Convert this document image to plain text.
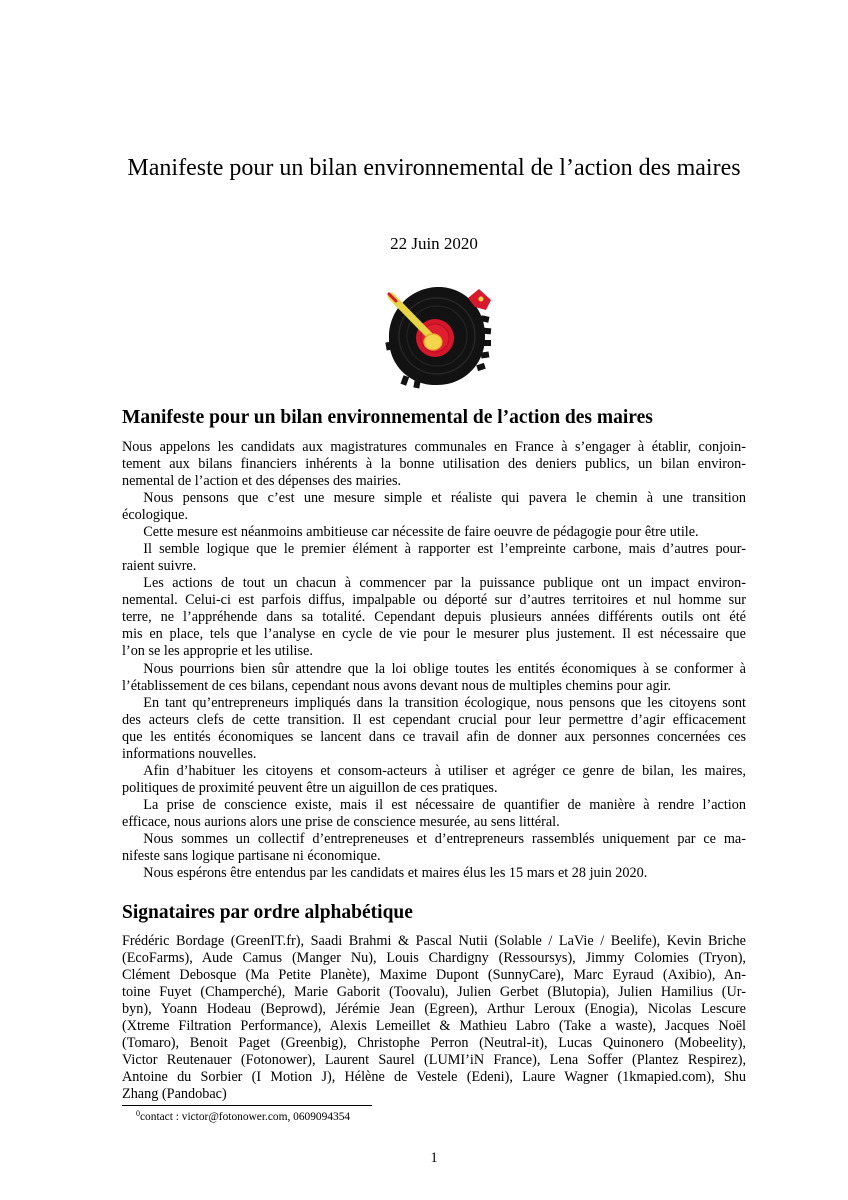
Manifeste pour un bilan environnemental de l’action des maires
22 Juin 2020
Manifeste pour un bilan environnemental de l’action des maires
Nous appelons les candidats aux magistratures communales en France à s’engager à établir, conjoin-
tement aux bilans financiers inhérents à la bonne utilisation des deniers publics, un bilan environ-
nemental de l’action et des dépenses des mairies.
Nous pensons que c’est une mesure simple et réaliste qui pavera le chemin à une transition
écologique.
Cette mesure est néanmoins ambitieuse car nécessite de faire oeuvre de pédagogie pour être utile.
Il semble logique que le premier élément à rapporter est l’empreinte carbone, mais d’autres pour-
raient suivre.
Les actions de tout un chacun à commencer par la puissance publique ont un impact environ-
nemental. Celui-ci est parfois diffus, impalpable ou déporté sur d’autres territoires et nul homme sur
terre, ne l’appréhende dans sa totalité. Cependant depuis plusieurs années différents outils ont été
mis en place, tels que l’analyse en cycle de vie pour le mesurer plus justement. Il est nécessaire que
l’on se les approprie et les utilise.
Nous pourrions bien sûr attendre que la loi oblige toutes les entités économiques à se conformer à
l’établissement de ces bilans, cependant nous avons devant nous de multiples chemins pour agir.
En tant qu’entrepreneurs impliqués dans la transition écologique, nous pensons que les citoyens sont
des acteurs clefs de cette transition. Il est cependant crucial pour leur permettre d’agir efficacement
que les entités économiques se lancent dans ce travail afin de donner aux personnes concernées ces
informations nouvelles.
Afin d’habituer les citoyens et consom-acteurs à utiliser et agréger ce genre de bilan, les maires,
politiques de proximité peuvent être un aiguillon de ces pratiques.
La prise de conscience existe, mais il est nécessaire de quantifier de manière à rendre l’action
efficace, nous aurions alors une prise de conscience mesurée, au sens littéral.
Nous sommes un collectif d’entrepreneuses et d’entrepreneurs rassemblés uniquement par ce ma-
nifeste sans logique partisane ni économique.
Nous espérons être entendus par les candidats et maires élus les 15 mars et 28 juin 2020.
Signataires par ordre alphabétique
Frédéric Bordage (GreenIT.fr), Saadi Brahmi & Pascal Nutii (Solable / LaVie / Beelife), Kevin Briche
(EcoFarms), Aude Camus (Manger Nu), Louis Chardigny (Ressoursys), Jimmy Colomies (Tryon),
Clément Debosque (Ma Petite Planète), Maxime Dupont (SunnyCare), Marc Eyraud (Axibio), An-
toine Fuyet (Champerché), Marie Gaborit (Toovalu), Julien Gerbet (Blutopia), Julien Hamilius (Ur-
byn), Yoann Hodeau (Beprowd), Jérémie Jean (Egreen), Arthur Leroux (Enogia), Nicolas Lescure
(Xtreme Filtration Performance), Alexis Lemeillet & Mathieu Labro (Take a waste), Jacques Noël
(Tomaro), Benoit Paget (Greenbig), Christophe Perron (Neutral-it), Lucas Quinonero (Mobeelity),
Victor Reutenauer (Fotonower), Laurent Saurel (LUMI’iN France), Lena Soffer (Plantez Respirez),
Antoine du Sorbier (I Motion J), Hélène de Vestele (Edeni), Laure Wagner (1kmapied.com), Shu
Zhang (Pandobac)
$^0$contact : victor@fotonower.com, 0609094354
1
